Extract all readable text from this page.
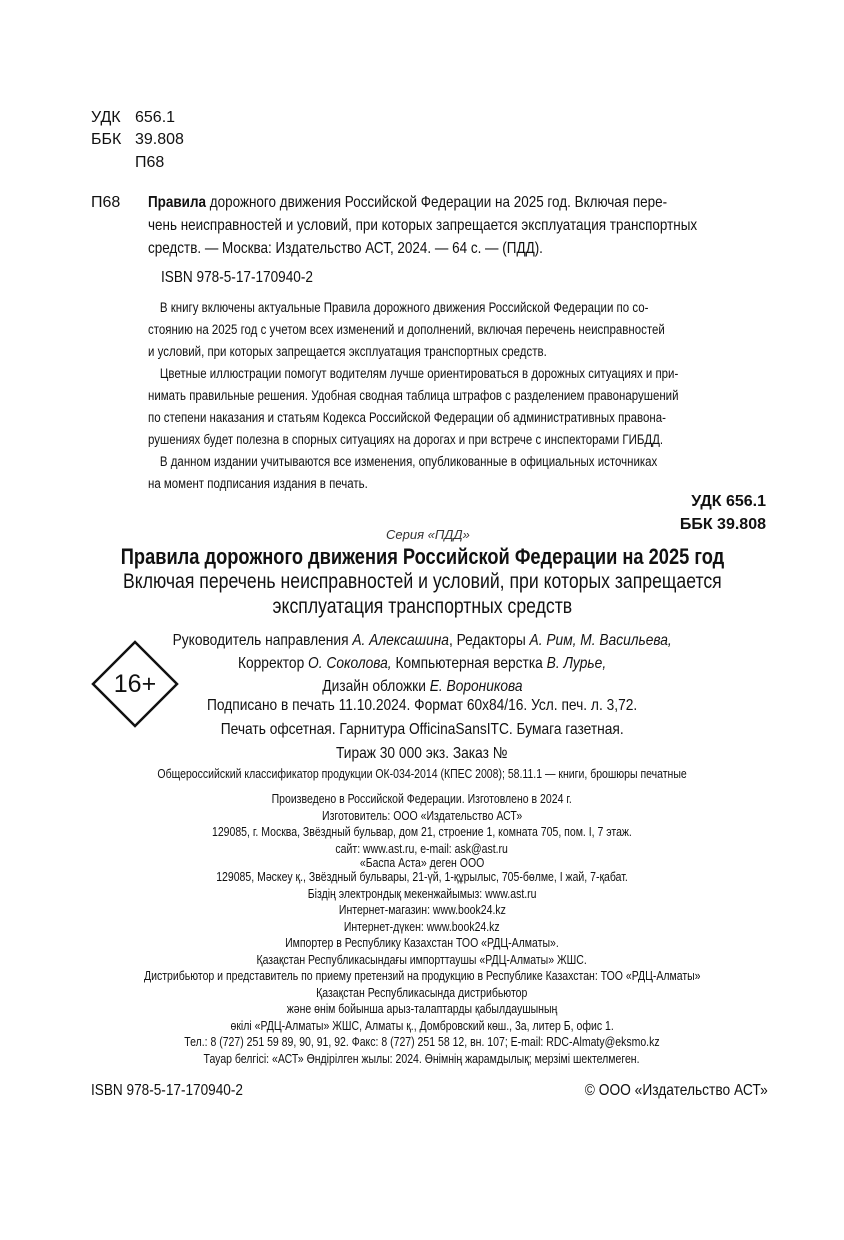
УДК 656.1
ББК 39.808
П68
П68 Правила дорожного движения Российской Федерации на 2025 год. Включая пере-
чень неисправностей и условий, при которых запрещается эксплуатация транспортных
средств. — Москва: Издательство АСТ, 2024. — 64 с. — (ПДД).
ISBN 978-5-17-170940-2

В книгу включены актуальные Правила дорожного движения Российской Федерации по со-

стоянию на 2025 год с учетом всех изменений и дополнений, включая перечень неисправностей

и условий, при которых запрещается эксплуатация транспортных средств.

Цветные иллюстрации помогут водителям лучше ориентироваться в дорожных ситуациях и при-

нимать правильные решения. Удобная сводная таблица штрафов с разделением правонарушений

по степени наказания и статьям Кодекса Российской Федерации об административных правона-

рушениях будет полезна в спорных ситуациях на дорогах и при встрече с инспекторами ГИБДД.

В данном издании учитываются все изменения, опубликованные в официальных источниках

на момент подписания издания в печать.

УДК 656.1
ББК 39.808
Серия «ПДД»
Правила дорожного движения Российской Федерации на 2025 год
Включая перечень неисправностей и условий, при которых запрещается
эксплуатация транспортных средств
Руководитель направления А. Алексашина, Редакторы А. Рим, М. Васильева,
Корректор О. Соколова, Компьютерная верстка В. Лурье,
Дизайн обложки Е. Вороникова
16+
Подписано в печать 11.10.2024. Формат 60x84/16. Усл. печ. л. 3,72.
Печать офсетная. Гарнитура OfficinaSansITC. Бумага газетная.
Тираж 30 000 экз. Заказ №
Общероссийский классификатор продукции ОК-034-2014 (КПЕС 2008); 58.11.1 — книги, брошюры печатные
Произведено в Российской Федерации. Изготовлено в 2024 г.
Изготовитель: ООО «Издательство АСТ»
129085, г. Москва, Звёздный бульвар, дом 21, строение 1, комната 705, пом. I, 7 этаж.
сайт: www.ast.ru, e-mail: ask@ast.ru
«Баспа Аста» деген ООО
129085, Мәскеу қ., Звёздный бульвары, 21-үй, 1-құрылыс, 705-бөлме, I жай, 7-қабат.
Біздің электрондық мекенжайымыз: www.ast.ru
Интернет-магазин: www.book24.kz
Интернет-дүкен: www.book24.kz
Импортер в Республику Казахстан ТОО «РДЦ-Алматы».
Қазақстан Республикасындағы импорттаушы «РДЦ-Алматы» ЖШС.
Дистрибьютор и представитель по приему претензий на продукцию в Республике Казахстан: ТОО «РДЦ-Алматы»
Қазақстан Республикасында дистрибьютор
және өнім бойынша арыз-талаптарды қабылдаушының
өкілі «РДЦ-Алматы» ЖШС, Алматы қ., Домбровский көш., 3а, литер Б, офис 1.
Тел.: 8 (727) 251 59 89, 90, 91, 92. Факс: 8 (727) 251 58 12, вн. 107; E-mail: RDC-Almaty@eksmo.kz
Тауар белгісі: «АСТ» Өндірілген жылы: 2024. Өнімнің жарамдылық; мерзімі шектелмеген.
ISBN 978-5-17-170940-2	© ООО «Издательство АСТ»
